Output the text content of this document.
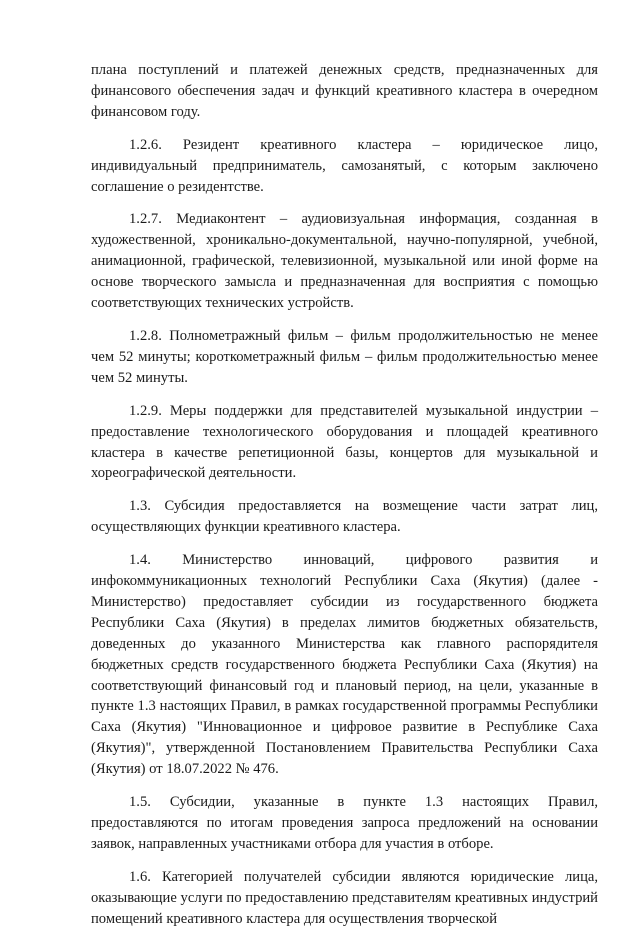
плана поступлений и платежей денежных средств, предназначенных для финансового обеспечения задач и функций креативного кластера в очередном финансовом году.

1.2.6. Резидент креативного кластера – юридическое лицо, индивидуальный предприниматель, самозанятый, с которым заключено соглашение о резидентстве.

1.2.7. Медиаконтент – аудиовизуальная информация, созданная в художественной, хроникально-документальной, научно-популярной, учебной, анимационной, графической, телевизионной, музыкальной или иной форме на основе творческого замысла и предназначенная для восприятия с помощью соответствующих технических устройств.

1.2.8. Полнометражный фильм – фильм продолжительностью не менее чем 52 минуты; короткометражный фильм – фильм продолжительностью менее чем 52 минуты.

1.2.9. Меры поддержки для представителей музыкальной индустрии – предоставление технологического оборудования и площадей креативного кластера в качестве репетиционной базы, концертов для музыкальной и хореографической деятельности.

1.3. Субсидия предоставляется на возмещение части затрат лиц, осуществляющих функции креативного кластера.

1.4. Министерство инноваций, цифрового развития и инфокоммуникационных технологий Республики Саха (Якутия) (далее - Министерство) предоставляет субсидии из государственного бюджета Республики Саха (Якутия) в пределах лимитов бюджетных обязательств, доведенных до указанного Министерства как главного распорядителя бюджетных средств государственного бюджета Республики Саха (Якутия) на соответствующий финансовый год и плановый период, на цели, указанные в пункте 1.3 настоящих Правил, в рамках государственной программы Республики Саха (Якутия) "Инновационное и цифровое развитие в Республике Саха (Якутия)", утвержденной Постановлением Правительства Республики Саха (Якутия) от 18.07.2022 № 476.

1.5. Субсидии, указанные в пункте 1.3 настоящих Правил, предоставляются по итогам проведения запроса предложений на основании заявок, направленных участниками отбора для участия в отборе.

1.6. Категорией получателей субсидии являются юридические лица, оказывающие услуги по предоставлению представителям креативных индустрий помещений креативного кластера для осуществления творческой
